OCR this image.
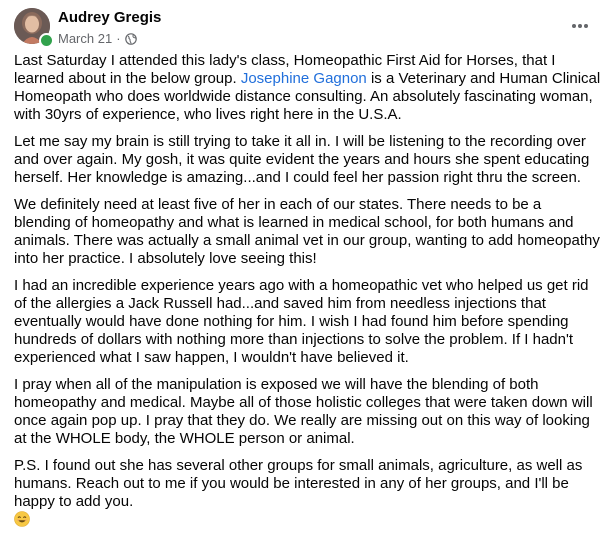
Audrey Gregis
March 21 ·

Last Saturday I attended this lady's class, Homeopathic First Aid for Horses, that I learned about in the below group. Josephine Gagnon is a Veterinary and Human Clinical Homeopath who does worldwide distance consulting. An absolutely fascinating woman, with 30yrs of experience, who lives right here in the U.S.A.

Let me say my brain is still trying to take it all in. I will be listening to the recording over and over again. My gosh, it was quite evident the years and hours she spent educating herself. Her knowledge is amazing...and I could feel her passion right thru the screen.

We definitely need at least five of her in each of our states. There needs to be a blending of homeopathy and what is learned in medical school, for both humans and animals. There was actually a small animal vet in our group, wanting to add homeopathy into her practice. I absolutely love seeing this!

I had an incredible experience years ago with a homeopathic vet who helped us get rid of the allergies a Jack Russell had...and saved him from needless injections that eventually would have done nothing for him. I wish I had found him before spending hundreds of dollars with nothing more than injections to solve the problem. If I hadn't experienced what I saw happen, I wouldn't have believed it.

I pray when all of the manipulation is exposed we will have the blending of both homeopathy and medical. Maybe all of those holistic colleges that were taken down will once again pop up. I pray that they do. We really are missing out on this way of looking at the WHOLE body, the WHOLE person or animal.

P.S. I found out she has several other groups for small animals, agriculture, as well as humans. Reach out to me if you would be interested in any of her groups, and I'll be happy to add you.
